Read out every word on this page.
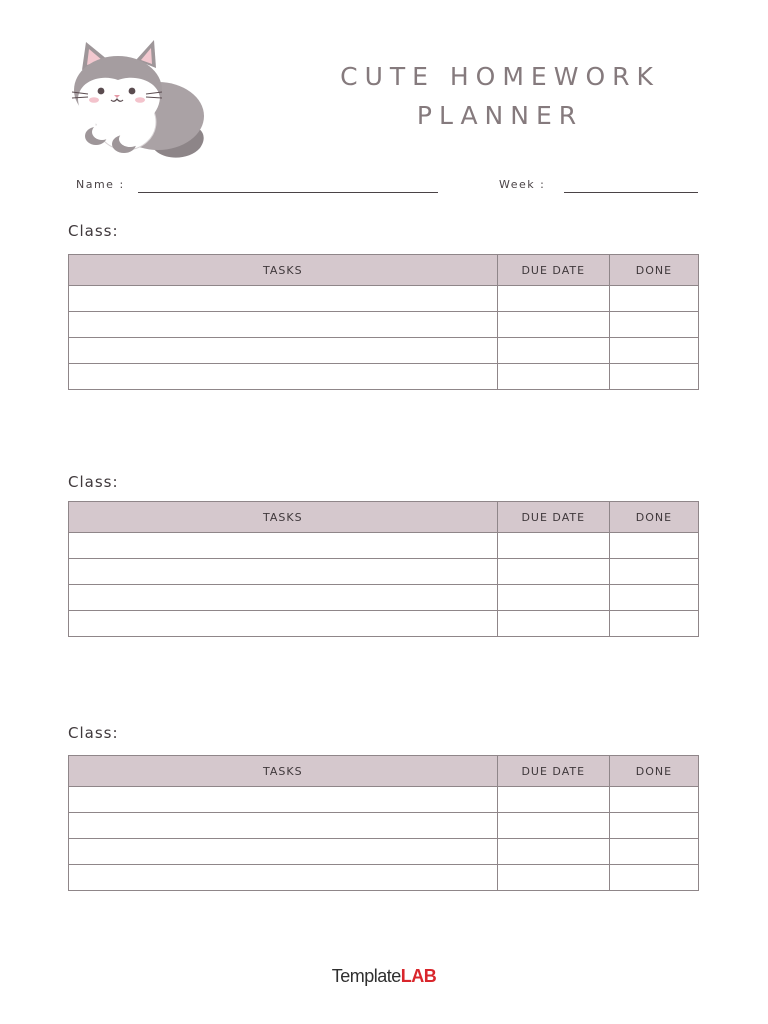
CUTE HOMEWORK
PLANNER
Name :	Week :
Class:
TASKS	DUE DATE	DONE

Class:
TASKS	DUE DATE	DONE

Class:
TASKS	DUE DATE	DONE

TemplateLAB
